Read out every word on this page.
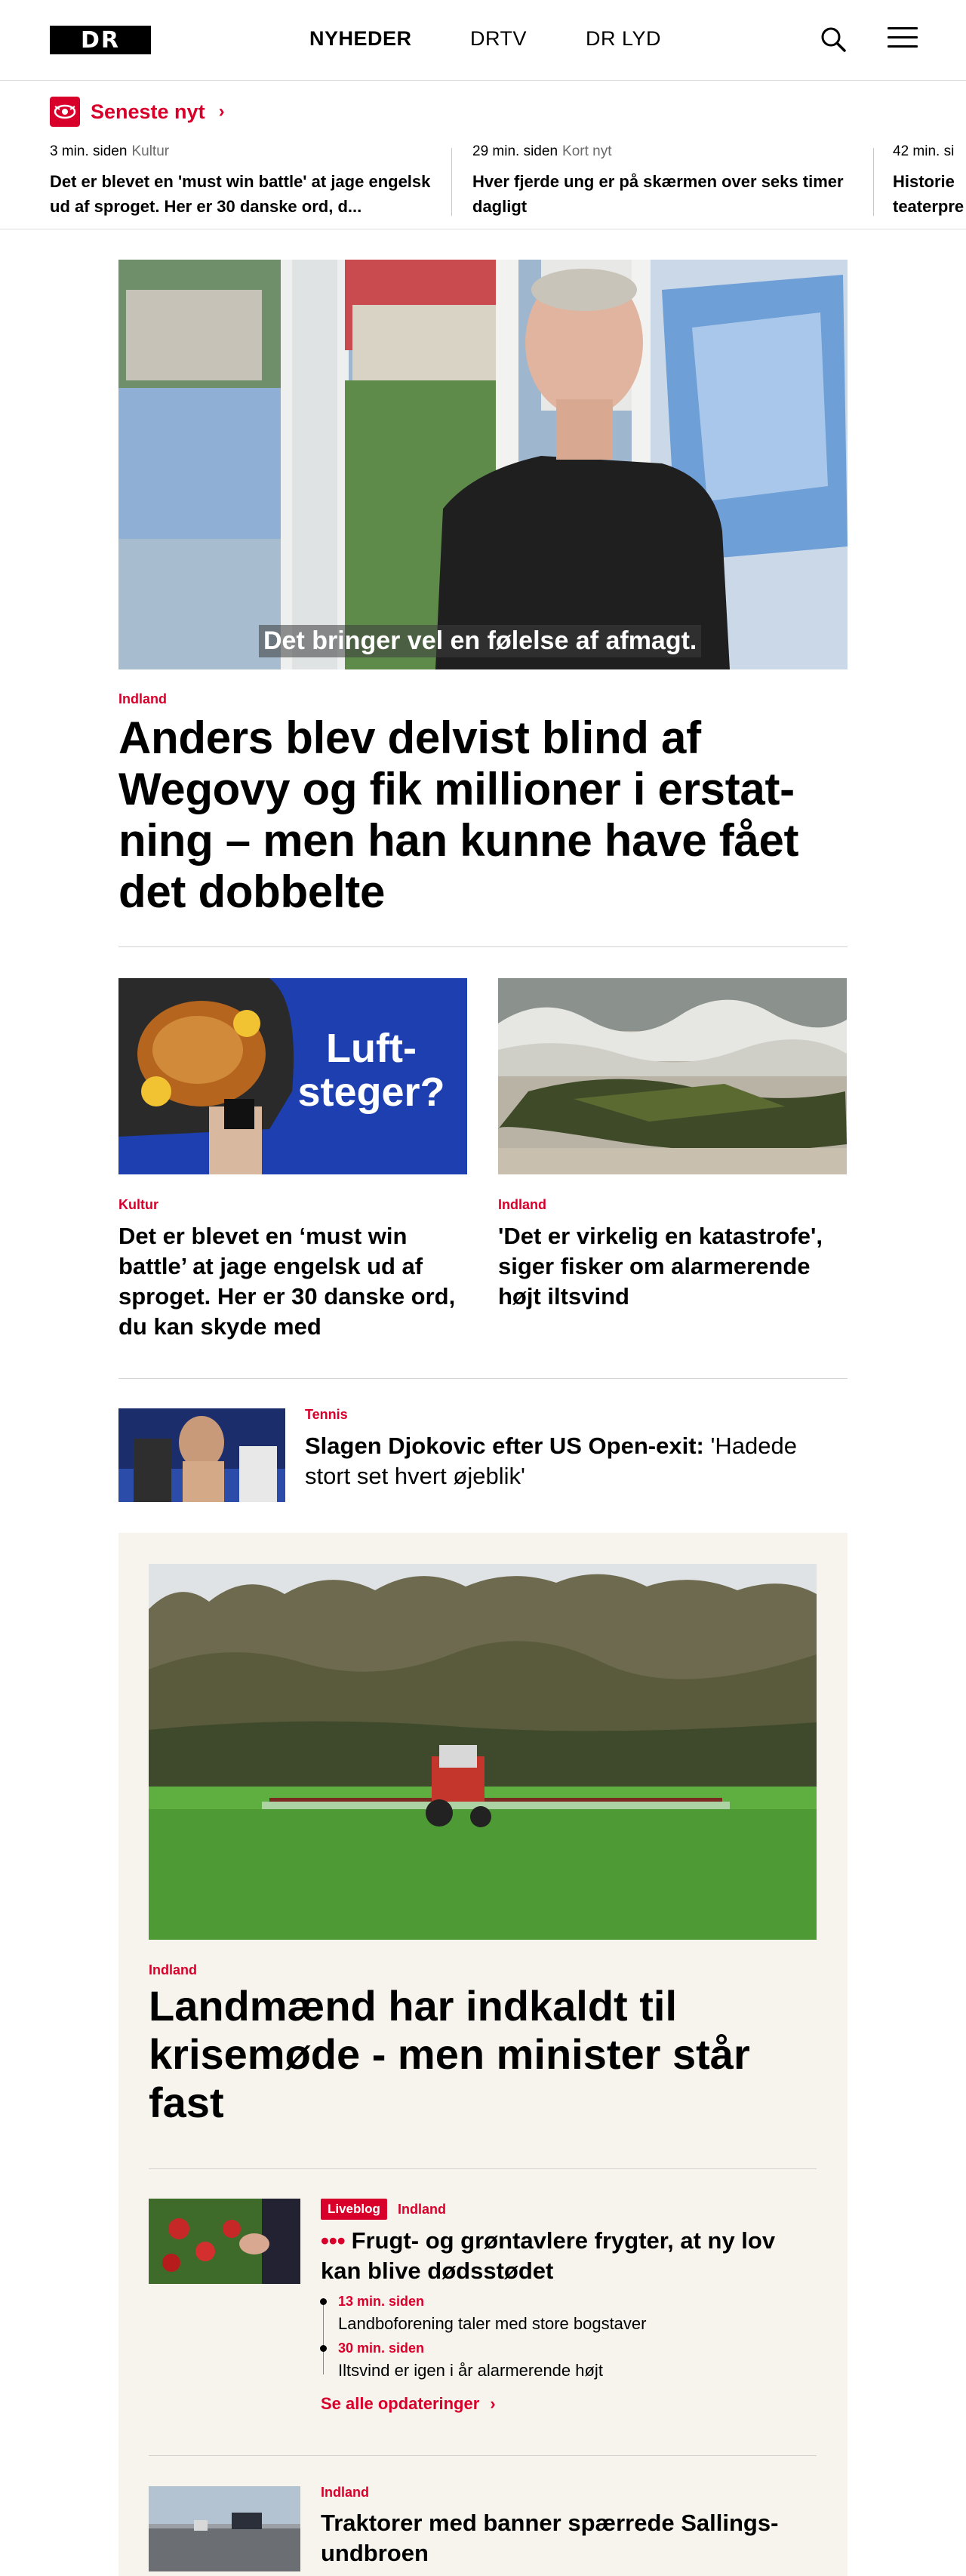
DR	NYHEDER	DRTV	DR LYD
Seneste nyt ›
3 min. siden Kultur
Det er blevet en 'must win battle' at jage engelsk ud af sproget. Her er 30 danske ord, d...
29 min. siden Kort nyt
Hver fjerde ung er på skærmen over seks timer dagligt
42 min. si
Historie teaterpre
Det bringer vel en følelse af afmagt.
Indland
Anders blev delvist blind af Wegovy og fik millioner i erstatning – men han kunne have fået det dobbelte
Luft-
steger?
Kultur
Det er blevet en ‘must win battle’ at jage engelsk ud af sproget. Her er 30 danske ord, du kan skyde med
Indland
'Det er virkelig en katastrofe', siger fisker om alarmerende højt iltsvind
Tennis
Slagen Djokovic efter US Open-exit: 'Hadede stort set hvert øjeblik'
Indland
Landmænd har indkaldt til krisemøde - men minister står fast
Liveblog	Indland
••• Frugt- og grøntavlere frygter, at ny lov kan blive dødsstødet
13 min. siden
Landboforening taler med store bogstaver
30 min. siden
Iltsvind er igen i år alarmerende højt
Se alle opdateringer ›
Indland
Traktorer med banner spærrede Sallingsundbroen
